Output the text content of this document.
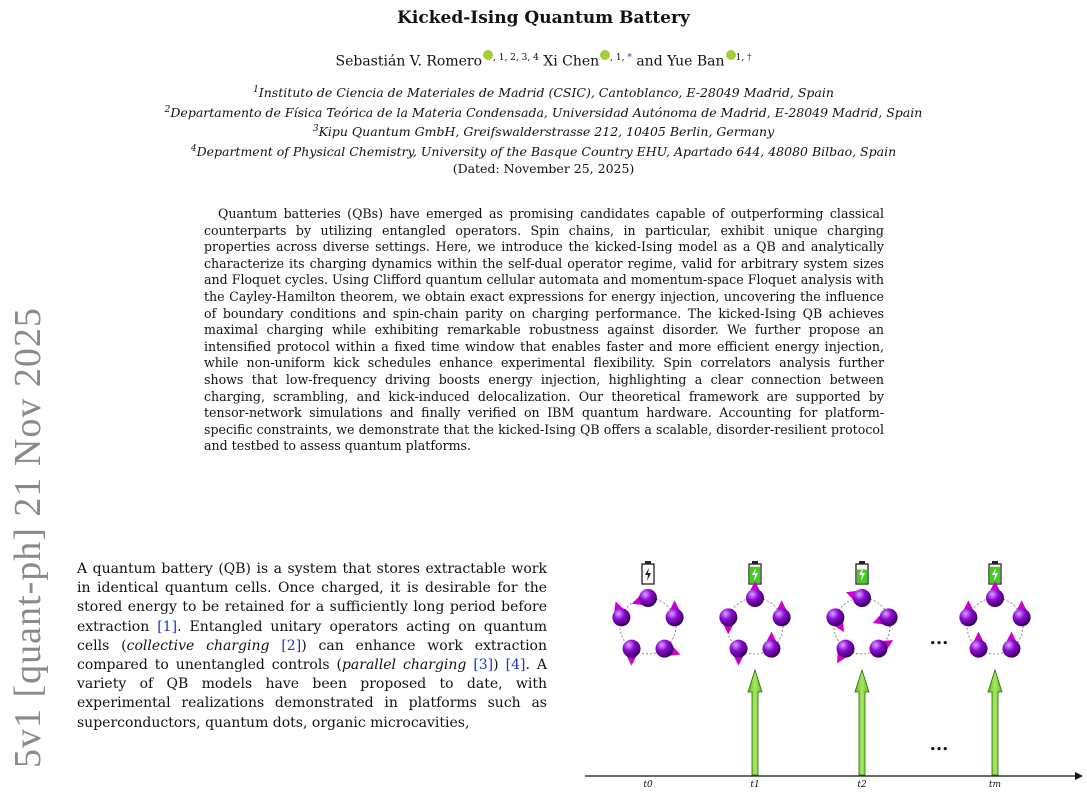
Kicked-Ising Quantum Battery
Sebastián V. Romero $^{, 1, 2, 3, 4}$ Xi Chen $^{, 1, *}$ and Yue Ban $^{1, \dagger}$
$^1$Instituto de Ciencia de Materiales de Madrid (CSIC), Cantoblanco, E-28049 Madrid, Spain
$^2$Departamento de Física Teórica de la Materia Condensada, Universidad Autónoma de Madrid, E-28049 Madrid, Spain
$^3$Kipu Quantum GmbH, Greifswalderstrasse 212, 10405 Berlin, Germany
$^4$Department of Physical Chemistry, University of the Basque Country EHU, Apartado 644, 48080 Bilbao, Spain
(Dated: November 25, 2025)
Quantum batteries (QBs) have emerged as promising candidates capable of outperforming classical counterparts by utilizing entangled operators. Spin chains, in particular, exhibit unique charging properties across diverse settings. Here, we introduce the kicked-Ising model as a QB and analytically characterize its charging dynamics within the self-dual operator regime, valid for arbitrary system sizes and Floquet cycles. Using Clifford quantum cellular automata and momentum-space Floquet analysis with the Cayley-Hamilton theorem, we obtain exact expressions for energy injection, uncovering the influence of boundary conditions and spin-chain parity on charging performance. The kicked-Ising QB achieves maximal charging while exhibiting remarkable robustness against disorder. We further propose an intensified protocol within a fixed time window that enables faster and more efficient energy injection, while non-uniform kick schedules enhance experimental flexibility. Spin correlators analysis further shows that low-frequency driving boosts energy injection, highlighting a clear connection between charging, scrambling, and kick-induced delocalization. Our theoretical framework are supported by tensor-network simulations and finally verified on IBM quantum hardware. Accounting for platform-specific constraints, we demonstrate that the kicked-Ising QB offers a scalable, disorder-resilient protocol and testbed to assess quantum platforms.
5v1 [quant-ph] 21 Nov 2025 A quantum battery (QB) is a system that stores extractable work in identical quantum cells. Once charged, it is desirable for the stored energy to be retained for a sufficiently long period before extraction [1]. Entangled unitary operators acting on quantum cells (collective charging [2]) can enhance work extraction compared to unentangled controls (parallel charging [3]) [4]. A variety of QB models have been proposed to date, with experimental realizations demonstrated in platforms such as superconductors, quantum dots, organic microcavities,
...
...
t0	t1	t2	tm
